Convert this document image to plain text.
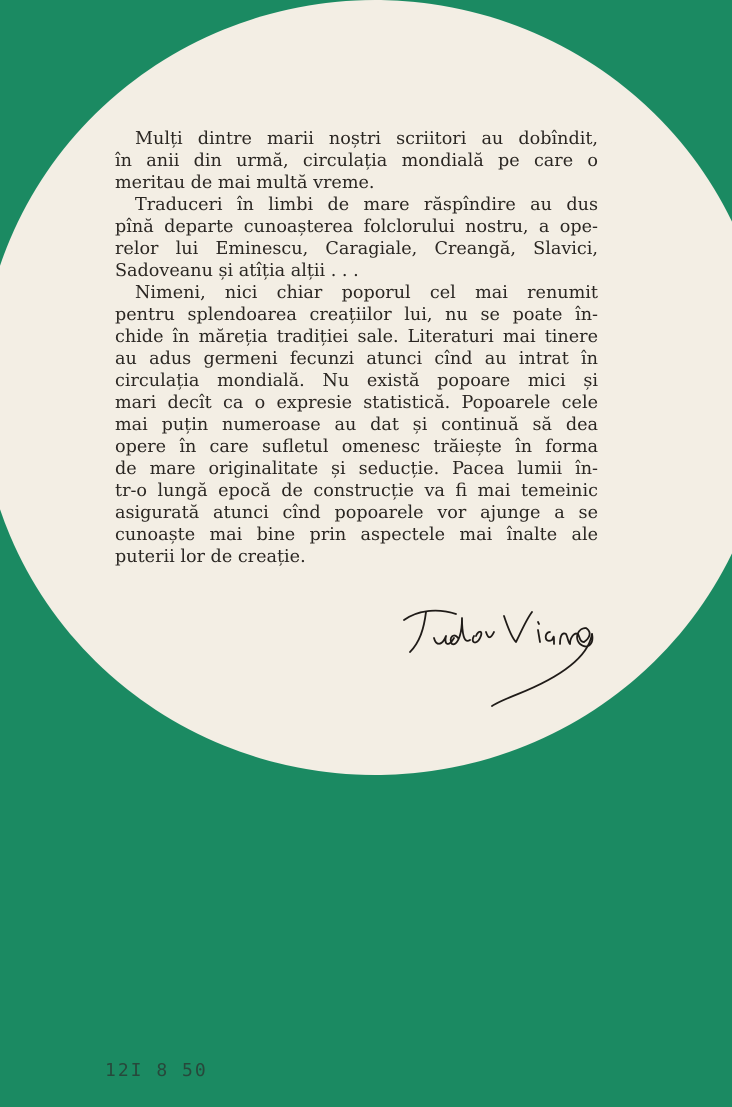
Mulți dintre marii noștri scriitori au dobîndit,
în anii din urmă, circulația mondială pe care o
meritau de mai multă vreme.

Traduceri în limbi de mare răspîndire au dus
pînă departe cunoașterea folclorului nostru, a ope-
relor lui Eminescu, Caragiale, Creangă, Slavici,
Sadoveanu și atîția alții . . .

Nimeni, nici chiar poporul cel mai renumit
pentru splendoarea creațiilor lui, nu se poate în-
chide în măreția tradiției sale. Literaturi mai tinere
au adus germeni fecunzi atunci cînd au intrat în
circulația mondială. Nu există popoare mici și
mari decît ca o expresie statistică. Popoarele cele
mai puțin numeroase au dat și continuă să dea
opere în care sufletul omenesc trăiește în forma
de mare originalitate și seducție. Pacea lumii în-
tr-o lungă epocă de construcție va fi mai temeinic
asigurată atunci cînd popoarele vor ajunge a se
cunoaște mai bine prin aspectele mai înalte ale
puterii lor de creație.

12I 8 50
